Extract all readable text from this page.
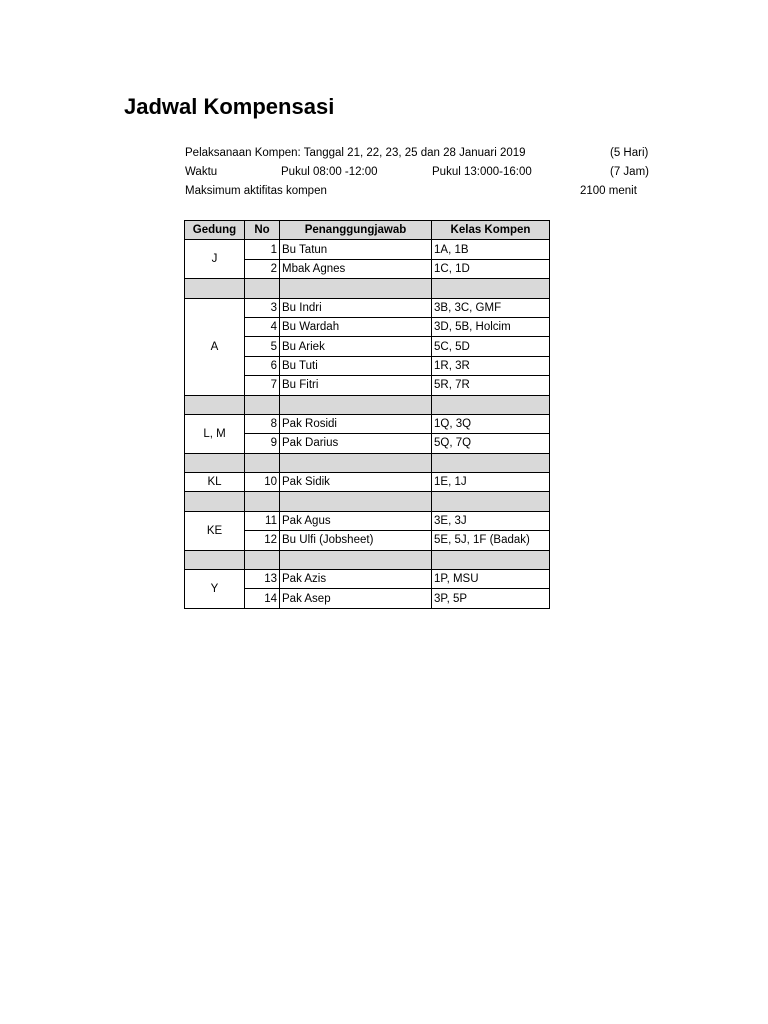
Jadwal Kompensasi
Pelaksanaan Kompen: Tanggal 21, 22, 23, 25 dan 28 Januari 2019	(5 Hari)
Waktu	Pukul 08:00 -12:00	Pukul 13:000-16:00	(7 Jam)
Maksimum aktifitas kompen	2100 menit
Gedung	No	Penanggungjawab	Kelas Kompen
J	1	Bu Tatun	1A, 1B
	2	Mbak Agnes	1C, 1D

A	3	Bu Indri	3B, 3C, GMF
	4	Bu Wardah	3D, 5B, Holcim
	5	Bu Ariek	5C, 5D
	6	Bu Tuti	1R, 3R
	7	Bu Fitri	5R, 7R

L, M	8	Pak Rosidi	1Q, 3Q
	9	Pak Darius	5Q, 7Q

KL	10	Pak Sidik	1E, 1J

KE	11	Pak Agus	3E, 3J
	12	Bu Ulfi (Jobsheet)	5E, 5J, 1F (Badak)

Y	13	Pak Azis	1P, MSU
	14	Pak Asep	3P, 5P
